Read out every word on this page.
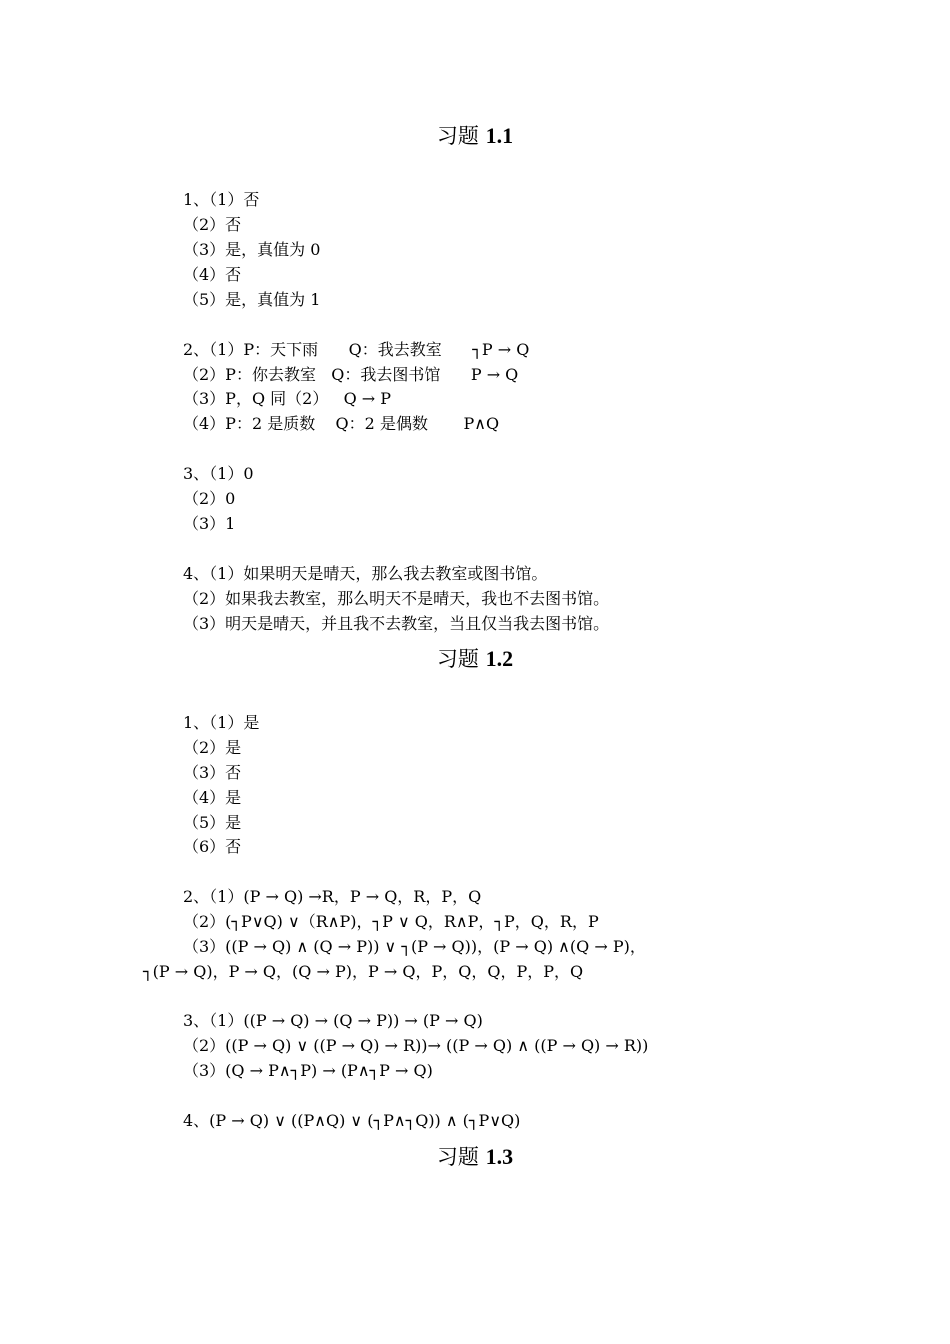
习题 1.1
1、（1）否
（2）否
（3）是，真值为 0
（4）否
（5）是，真值为 1
2、（1）P：天下雨      Q：我去教室      ┐P → Q
（2）P：你去教室   Q：我去图书馆      P → Q
（3）P，Q 同（2）   Q → P
（4）P：2 是质数    Q：2 是偶数       P∧Q
3、（1）0
（2）0
（3）1
4、（1）如果明天是晴天，那么我去教室或图书馆。
（2）如果我去教室，那么明天不是晴天，我也不去图书馆。
（3）明天是晴天，并且我不去教室，当且仅当我去图书馆。
习题 1.2
1、（1）是
（2）是
（3）否
（4）是
（5）是
（6）否
2、（1）(P → Q) →R，P → Q，R，P，Q
（2）(┐P∨Q) ∨（R∧P)，┐P ∨ Q，R∧P，┐P，Q，R，P
（3）((P → Q) ∧ (Q → P)) ∨ ┐(P → Q))，(P → Q) ∧(Q → P)，
┐(P → Q)，P → Q，(Q → P)，P → Q，P，Q，Q，P，P，Q
3、（1）((P → Q) → (Q → P)) → (P → Q)
（2）((P → Q) ∨ ((P → Q) → R))→ ((P → Q) ∧ ((P → Q) → R))
（3）(Q → P∧┐P) → (P∧┐P → Q)
4、(P → Q) ∨ ((P∧Q) ∨ (┐P∧┐Q)) ∧ (┐P∨Q)
习题 1.3
